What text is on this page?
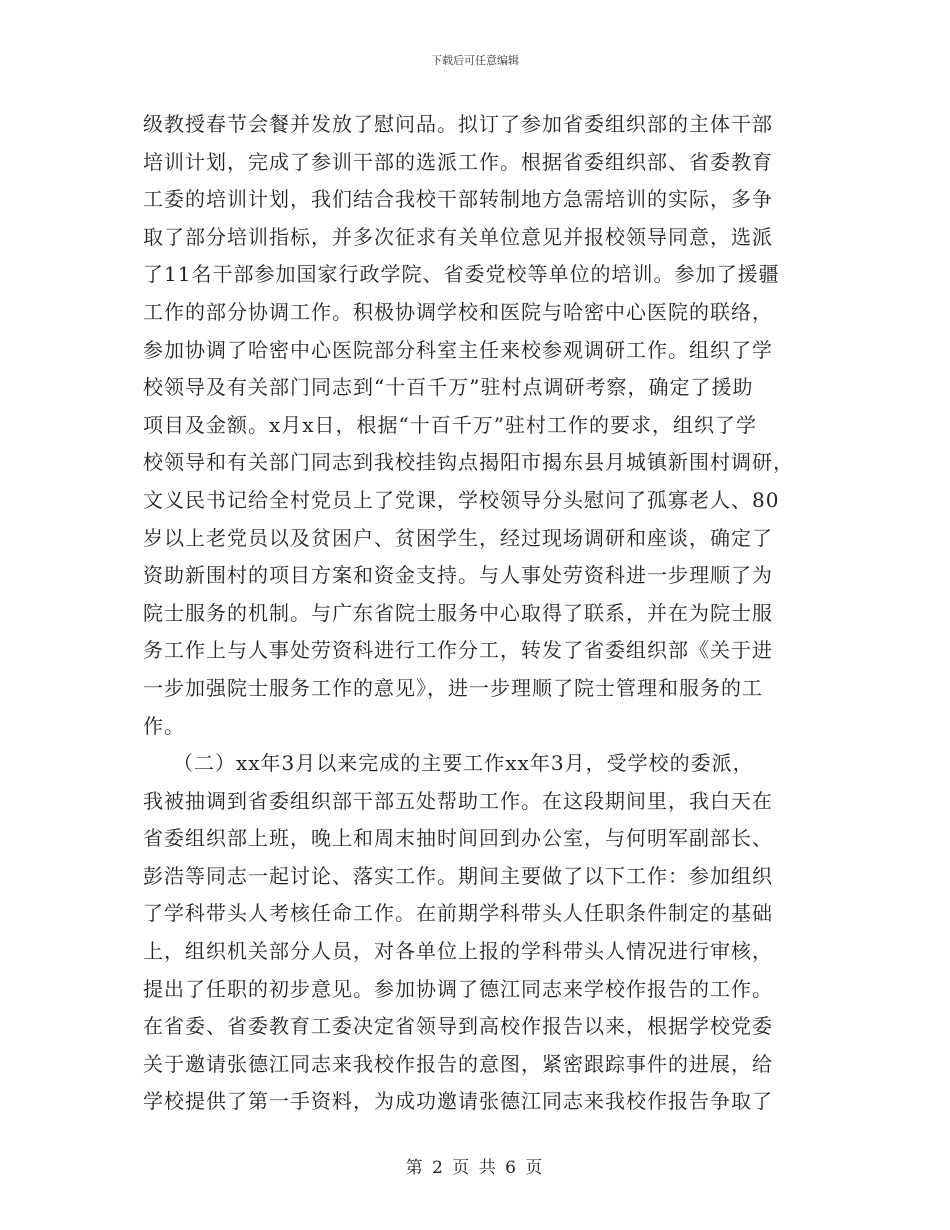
下载后可任意编辑
级教授春节会餐并发放了慰问品。拟订了参加省委组织部的主体干部
培训计划，完成了参训干部的选派工作。根据省委组织部、省委教育
工委的培训计划，我们结合我校干部转制地方急需培训的实际，多争
取了部分培训指标，并多次征求有关单位意见并报校领导同意，选派
了11名干部参加国家行政学院、省委党校等单位的培训。参加了援疆
工作的部分协调工作。积极协调学校和医院与哈密中心医院的联络，
参加协调了哈密中心医院部分科室主任来校参观调研工作。组织了学
校领导及有关部门同志到“十百千万”驻村点调研考察，确定了援助
项目及金额。x月x日，根据“十百千万”驻村工作的要求，组织了学
校领导和有关部门同志到我校挂钩点揭阳市揭东县月城镇新围村调研，
文义民书记给全村党员上了党课，学校领导分头慰问了孤寡老人、80
岁以上老党员以及贫困户、贫困学生，经过现场调研和座谈，确定了
资助新围村的项目方案和资金支持。与人事处劳资科进一步理顺了为
院士服务的机制。与广东省院士服务中心取得了联系，并在为院士服
务工作上与人事处劳资科进行工作分工，转发了省委组织部《关于进
一步加强院士服务工作的意见》，进一步理顺了院士管理和服务的工
作。
（二）xx年3月以来完成的主要工作xx年3月，受学校的委派，
我被抽调到省委组织部干部五处帮助工作。在这段期间里，我白天在
省委组织部上班，晚上和周末抽时间回到办公室，与何明军副部长、
彭浩等同志一起讨论、落实工作。期间主要做了以下工作：参加组织
了学科带头人考核任命工作。在前期学科带头人任职条件制定的基础
上，组织机关部分人员，对各单位上报的学科带头人情况进行审核，
提出了任职的初步意见。参加协调了德江同志来学校作报告的工作。
在省委、省委教育工委决定省领导到高校作报告以来，根据学校党委
关于邀请张德江同志来我校作报告的意图，紧密跟踪事件的进展，给
学校提供了第一手资料，为成功邀请张德江同志来我校作报告争取了
第 2 页 共 6 页
